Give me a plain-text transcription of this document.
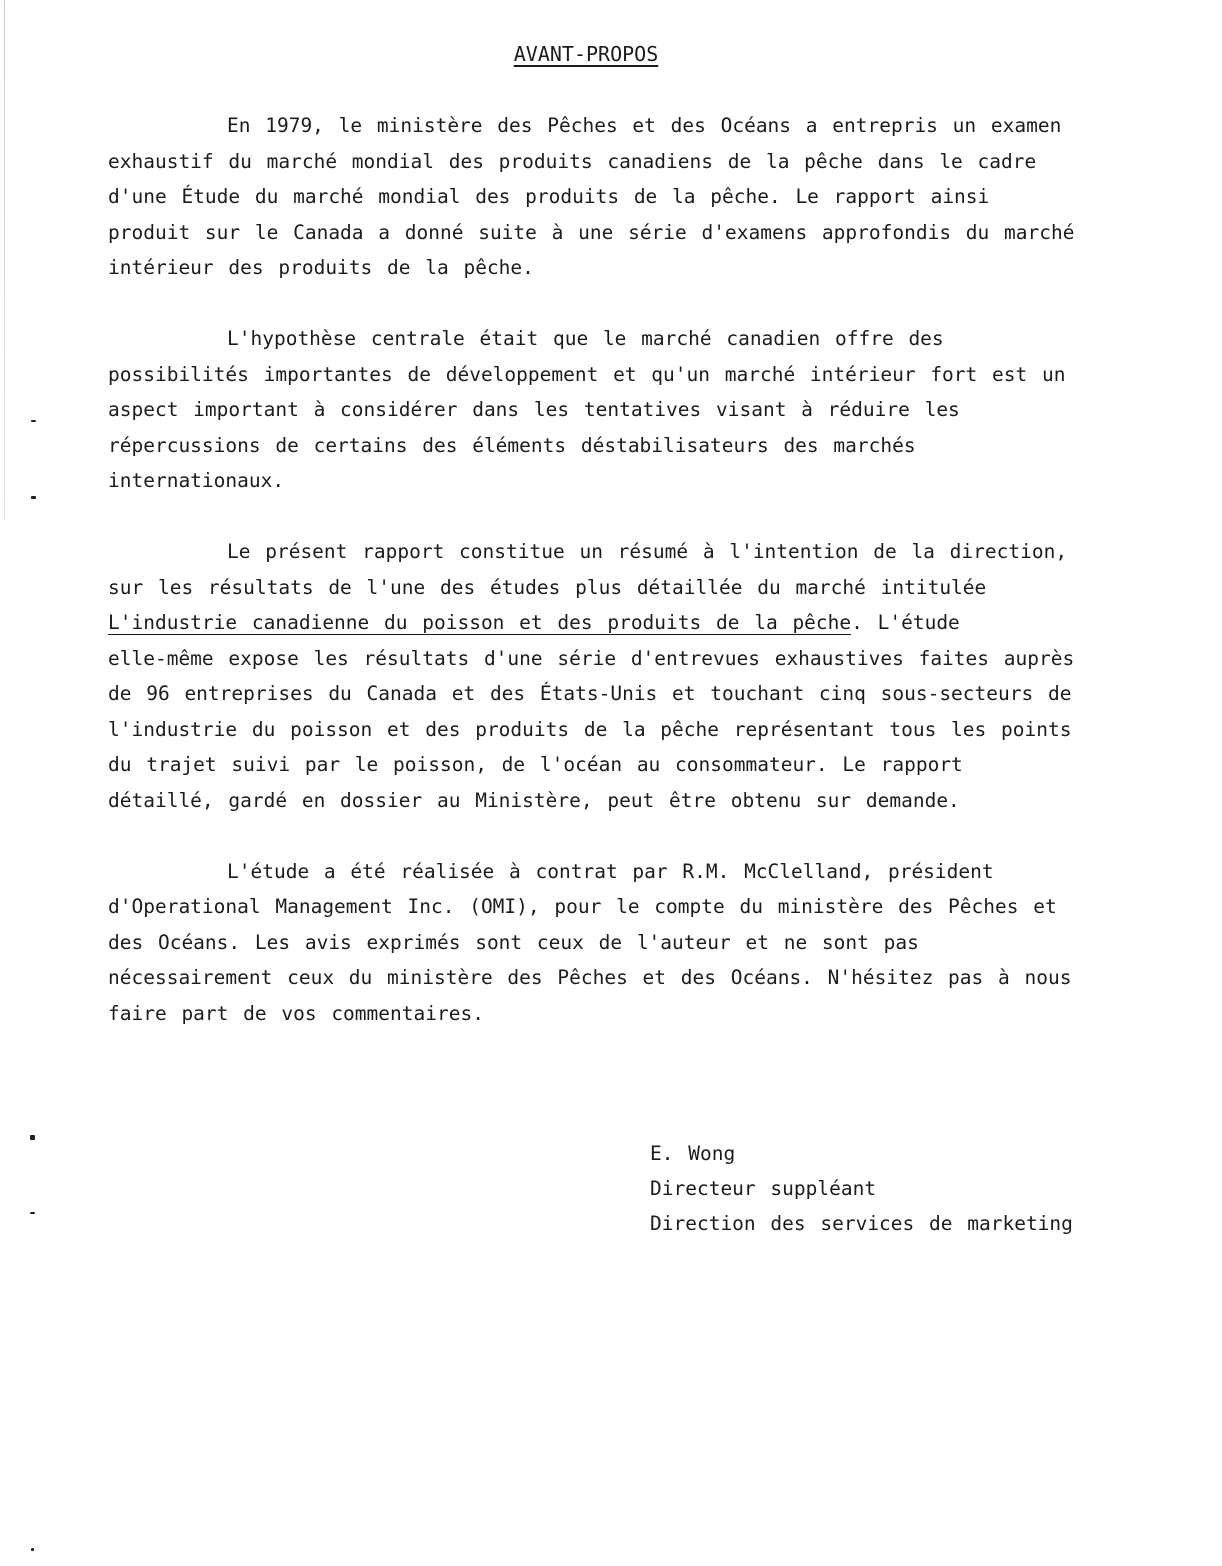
AVANT-PROPOS

En 1979, le ministère des Pêches et des Océans a entrepris un examen
exhaustif du marché mondial des produits canadiens de la pêche dans le cadre
d'une Étude du marché mondial des produits de la pêche. Le rapport ainsi
produit sur le Canada a donné suite à une série d'examens approfondis du marché
intérieur des produits de la pêche.

L'hypothèse centrale était que le marché canadien offre des
possibilités importantes de développement et qu'un marché intérieur fort est un
aspect important à considérer dans les tentatives visant à réduire les
répercussions de certains des éléments déstabilisateurs des marchés
internationaux.

Le présent rapport constitue un résumé à l'intention de la direction,
sur les résultats de l'une des études plus détaillée du marché intitulée
L'industrie canadienne du poisson et des produits de la pêche. L'étude
elle-même expose les résultats d'une série d'entrevues exhaustives faites auprès
de 96 entreprises du Canada et des États-Unis et touchant cinq sous-secteurs de
l'industrie du poisson et des produits de la pêche représentant tous les points
du trajet suivi par le poisson, de l'océan au consommateur. Le rapport
détaillé, gardé en dossier au Ministère, peut être obtenu sur demande.

L'étude a été réalisée à contrat par R.M. McClelland, président
d'Operational Management Inc. (OMI), pour le compte du ministère des Pêches et
des Océans. Les avis exprimés sont ceux de l'auteur et ne sont pas
nécessairement ceux du ministère des Pêches et des Océans. N'hésitez pas à nous
faire part de vos commentaires.

E. Wong
Directeur suppléant
Direction des services de marketing
